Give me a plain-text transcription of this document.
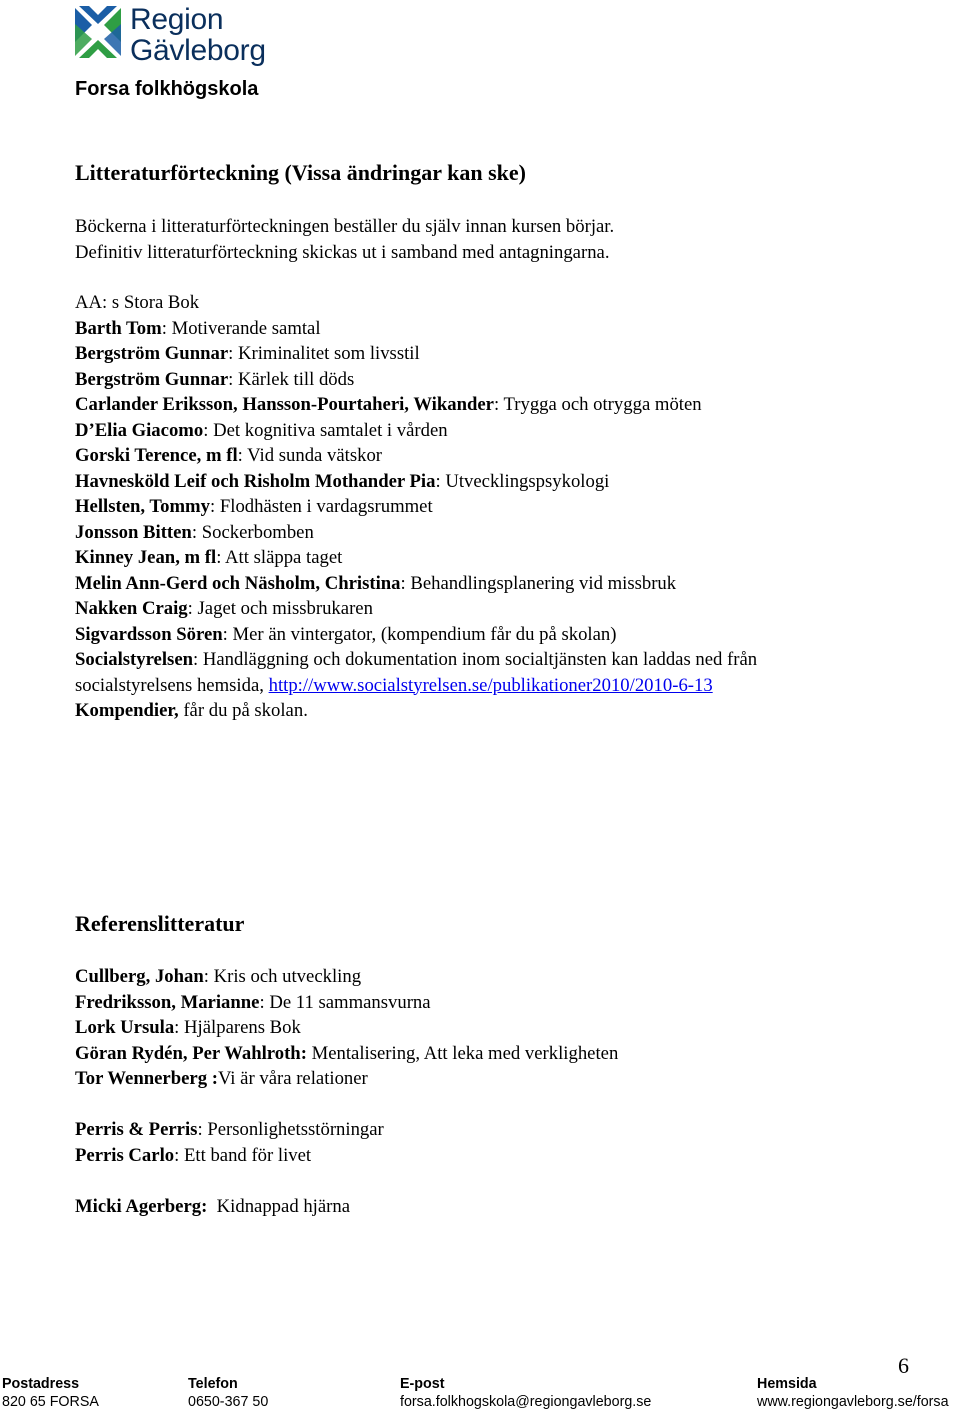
Region
Gävleborg
Forsa folkhögskola
Litteraturförteckning (Vissa ändringar kan ske)
Böckerna i litteraturförteckningen beställer du själv innan kursen börjar.
Definitiv litteraturförteckning skickas ut i samband med antagningarna.
AA: s Stora Bok
Barth Tom: Motiverande samtal
Bergström Gunnar: Kriminalitet som livsstil
Bergström Gunnar: Kärlek till döds
Carlander Eriksson, Hansson-Pourtaheri, Wikander: Trygga och otrygga möten
D’Elia Giacomo: Det kognitiva samtalet i vården
Gorski Terence, m fl: Vid sunda vätskor
Havnesköld Leif och Risholm Mothander Pia: Utvecklingspsykologi
Hellsten, Tommy: Flodhästen i vardagsrummet
Jonsson Bitten: Sockerbomben
Kinney Jean, m fl: Att släppa taget
Melin Ann-Gerd och Näsholm, Christina: Behandlingsplanering vid missbruk
Nakken Craig: Jaget och missbrukaren
Sigvardsson Sören: Mer än vintergator, (kompendium får du på skolan)
Socialstyrelsen: Handläggning och dokumentation inom socialtjänsten kan laddas ned från
socialstyrelsens hemsida, http://www.socialstyrelsen.se/publikationer2010/2010-6-13
Kompendier, får du på skolan.
Referenslitteratur
Cullberg, Johan: Kris och utveckling
Fredriksson, Marianne: De 11 sammansvurna
Lork Ursula: Hjälparens Bok
Göran Rydén, Per Wahlroth: Mentalisering, Att leka med verkligheten
Tor Wennerberg :Vi är våra relationer
Perris & Perris: Personlighetsstörningar
Perris Carlo: Ett band för livet
Micki Agerberg: Kidnappad hjärna
6
Postadress
820 65 FORSA
Telefon
0650-367 50
E-post
forsa.folkhogskola@regiongavleborg.se
Hemsida
www.regiongavleborg.se/forsa
